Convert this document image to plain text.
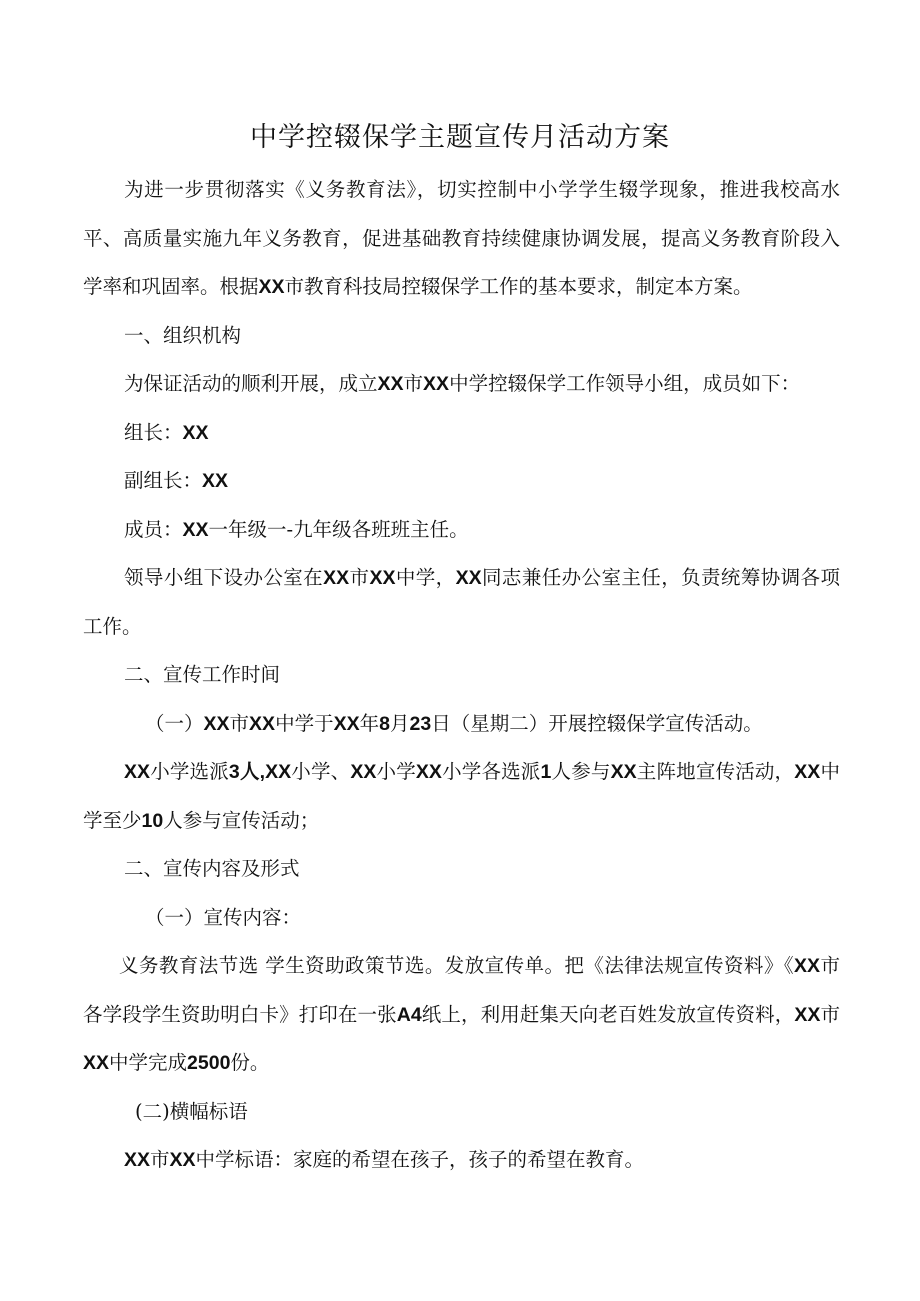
中学控辍保学主题宣传月活动方案

为进一步贯彻落实《义务教育法》，切实控制中小学学生辍学现象，推进我校高水平、高质量实施九年义务教育，促进基础教育持续健康协调发展，提高义务教育阶段入学率和巩固率。根据XX市教育科技局控辍保学工作的基本要求，制定本方案。

一、组织机构

为保证活动的顺利开展，成立XX市XX中学控辍保学工作领导小组，成员如下：

组长：XX

副组长：XX

成员：XX一年级一-九年级各班班主任。

领导小组下设办公室在XX市XX中学，XX同志兼任办公室主任，负责统筹协调各项工作。

二、宣传工作时间

（一）XX市XX中学于XX年8月23日（星期二）开展控辍保学宣传活动。

XX小学选派3人,XX小学、XX小学XX小学各选派1人参与XX主阵地宣传活动，XX中学至少10人参与宣传活动；

二、宣传内容及形式

（一）宣传内容：

义务教育法节选 学生资助政策节选。发放宣传单。把《法律法规宣传资料》《XX市各学段学生资助明白卡》打印在一张A4纸上，利用赶集天向老百姓发放宣传资料，XX市XX中学完成2500份。

(二)横幅标语

XX市XX中学标语：家庭的希望在孩子，孩子的希望在教育。
